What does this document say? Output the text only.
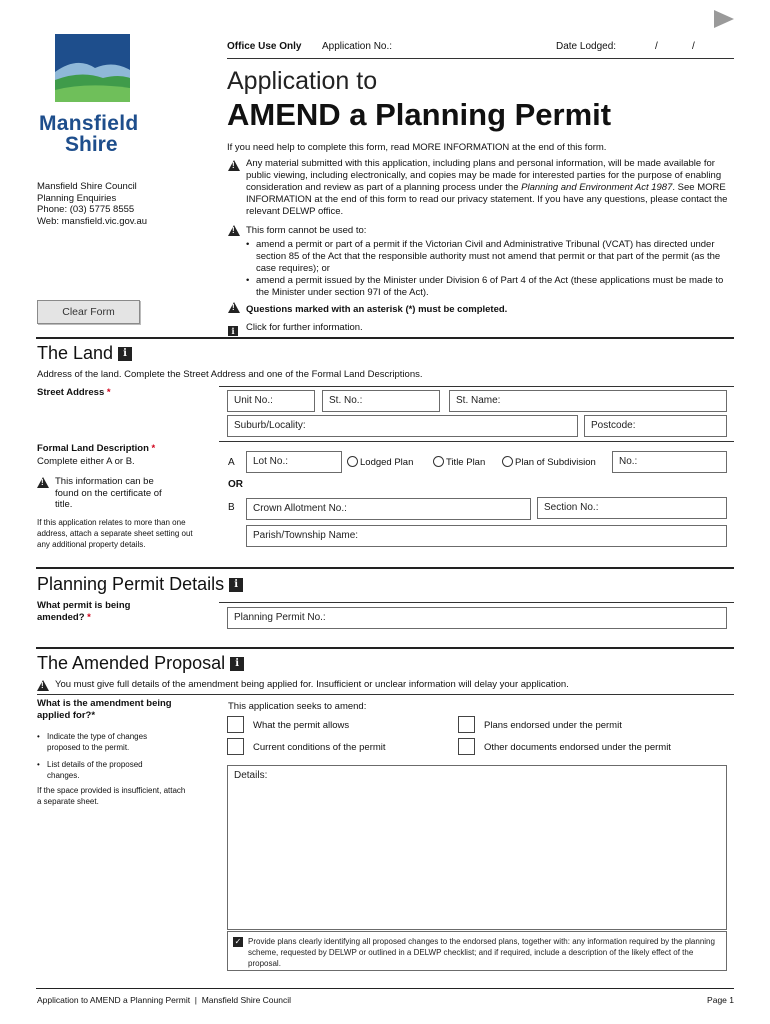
Mansfield
Shire
Mansfield Shire Council
Planning Enquiries
Phone: (03) 5775 8555
Web: mansfield.vic.gov.au
Clear Form
Office Use Only Application No.:	Date Lodged:	/	/
Application to
AMEND a Planning Permit
If you need help to complete this form, read MORE INFORMATION at the end of this form.
!
Any material submitted with this application, including plans and personal information, will be made available for public viewing, including electronically, and copies may be made for interested parties for the purpose of enabling consideration and review as part of a planning process under the Planning and Environment Act 1987. See MORE INFORMATION at the end of this form to read our privacy statement. If you have any questions, please contact the relevant DELWP office.
!
This form cannot be used to:
• amend a permit or part of a permit if the Victorian Civil and Administrative Tribunal (VCAT) has directed under section 85 of the Act that the responsible authority must not amend that permit or that part of the permit (as the case requires); or
• amend a permit issued by the Minister under Division 6 of Part 4 of the Act (these applications must be made to the Minister under section 97I of the Act).
!
Questions marked with an asterisk (*) must be completed.
i	Click for further information.
The Land	i
Address of the land. Complete the Street Address and one of the Formal Land Descriptions.
Street Address *
Unit No.:	St. No.:	St. Name:
Suburb/Locality:	Postcode:
Formal Land Description *
Complete either A or B.
!
This information can be found on the certificate of title.
If this application relates to more than one address, attach a separate sheet setting out any additional property details.
A	Lot No.:	Lodged Plan	Title Plan	Plan of Subdivision	No.:
OR
B	Crown Allotment No.:	Section No.:
Parish/Township Name:
Planning Permit Details	i
What permit is being amended? *	Planning Permit No.:
The Amended Proposal	i
!
You must give full details of the amendment being applied for. Insufficient or unclear information will delay your application.
What is the amendment being applied for?*
• Indicate the type of changes proposed to the permit.
• List details of the proposed changes.
If the space provided is insufficient, attach a separate sheet.
This application seeks to amend:
What the permit allows	Plans endorsed under the permit
Current conditions of the permit	Other documents endorsed under the permit
Details:
✓ Provide plans clearly identifying all proposed changes to the endorsed plans, together with: any information required by the planning scheme, requested by DELWP or outlined in a DELWP checklist; and if required, include a description of the likely effect of the proposal.
Application to AMEND a Planning Permit  |  Mansfield Shire Council	Page 1
